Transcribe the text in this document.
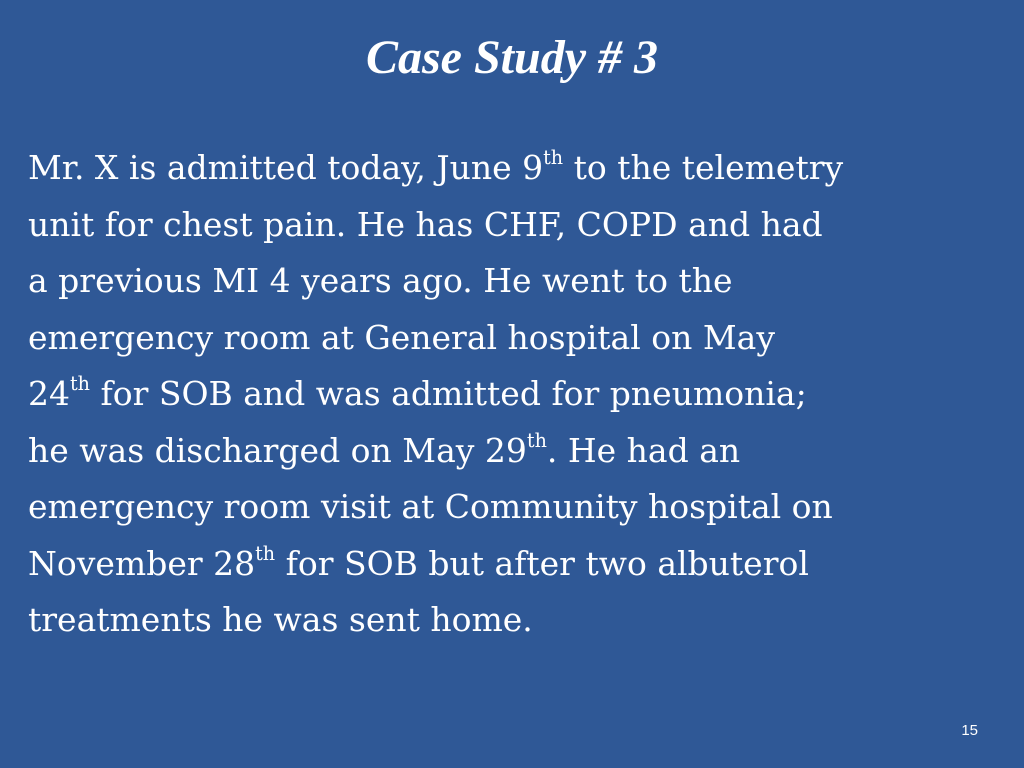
Case Study # 3
Mr. X is admitted today, June 9th to the telemetry
unit for chest pain. He has CHF, COPD and had
a previous MI 4 years ago. He went to the
emergency room at General hospital on May
24th for SOB and was admitted for pneumonia;
he was discharged on May 29th. He had an
emergency room visit at Community hospital on
November 28th for SOB but after two albuterol
treatments he was sent home.
15
